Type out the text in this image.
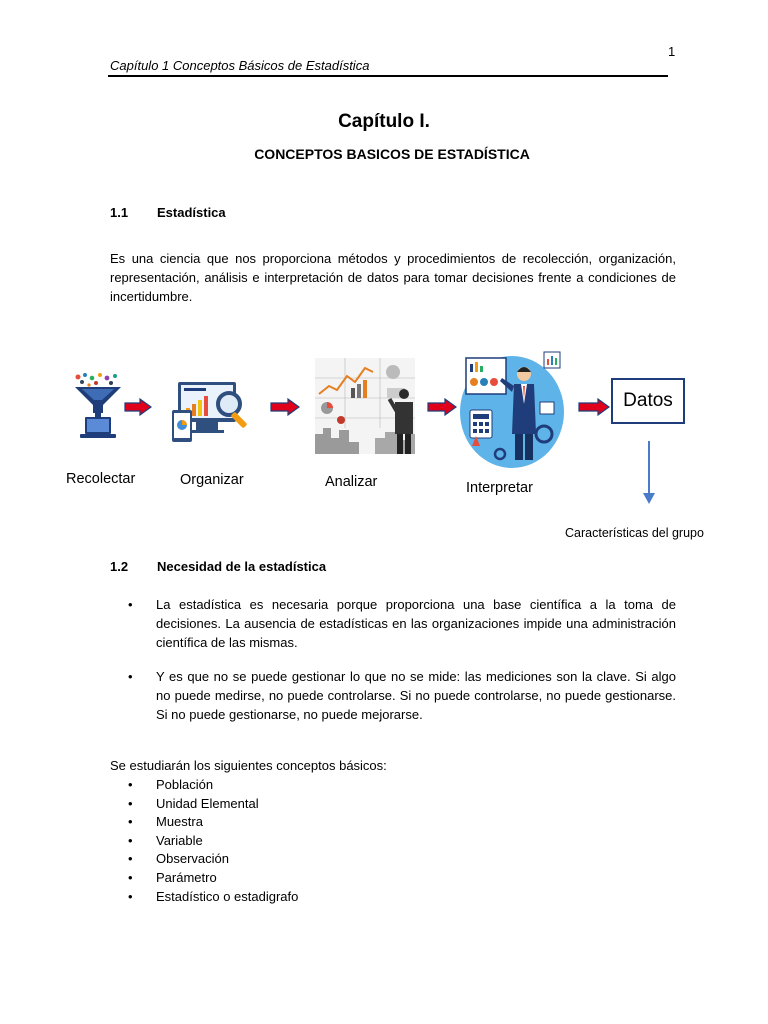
1
Capítulo 1 Conceptos Básicos de Estadística
Capítulo I.
CONCEPTOS BASICOS DE ESTADÍSTICA
1.1 Estadística
Es una ciencia que nos proporciona métodos y procedimientos de recolección, organización, representación, análisis e interpretación de datos para tomar decisiones frente a condiciones de incertidumbre.
Datos
Recolectar	Organizar	Analizar	Interpretar
Características del grupo
1.2 Necesidad de la estadística
• La estadística es necesaria porque proporciona una base científica a la toma de decisiones. La ausencia de estadísticas en las organizaciones impide una administración científica de las mismas.
• Y es que no se puede gestionar lo que no se mide: las mediciones son la clave. Si algo no puede medirse, no puede controlarse. Si no puede controlarse, no puede gestionarse. Si no puede gestionarse, no puede mejorarse.
Se estudiarán los siguientes conceptos básicos:
• Población
• Unidad Elemental
• Muestra
• Variable
• Observación
• Parámetro
• Estadístico o estadigrafo
